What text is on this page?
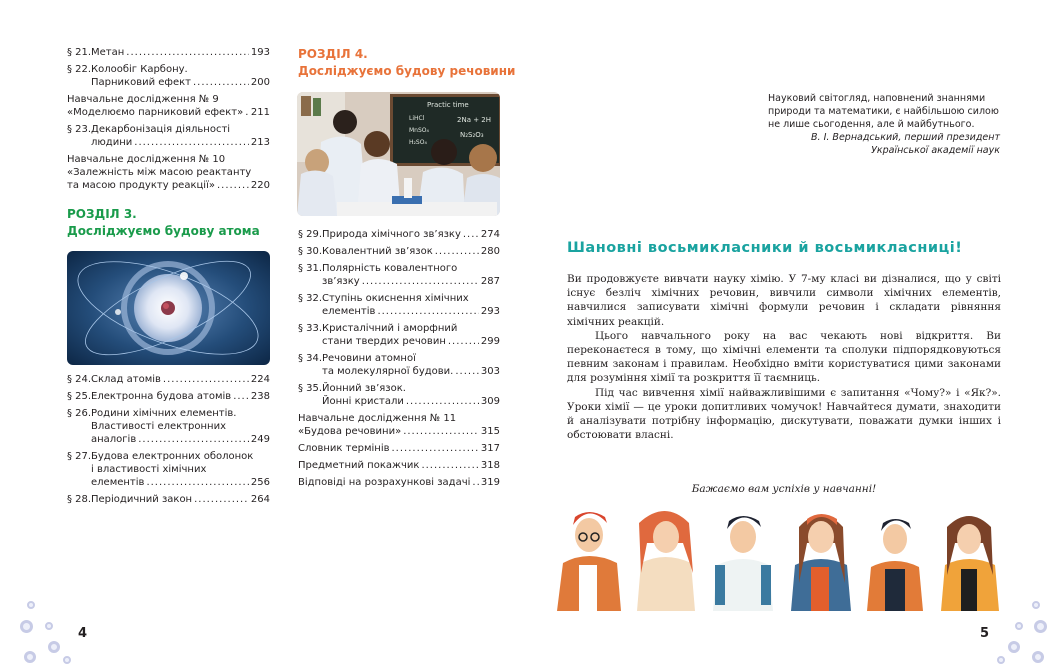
§ 21. Метан .....	193
§ 22. Колообіг Карбону.
Парниковий ефект .....	200
Навчальне дослідження № 9
«Моделюємо парниковий ефект» ..... 211
§ 23. Декарбонізація діяльності
людини .....	213
Навчальне дослідження № 10
«Залежність між масою реактанту
та масою продукту реакції» .....	220
РОЗДІЛ 3.
Досліджуємо будову атома
§ 24. Склад атомів .....	224
§ 25. Електронна будова атомів ..... 238
§ 26. Родини хімічних елементів.
Властивості електронних
аналогів .....	249
§ 27. Будова електронних оболонок
і властивості хімічних
елементів .....	256
§ 28. Періодичний закон .....	264
РОЗДІЛ 4.
Досліджуємо будову речовини
Practic time
2Na + 2H
N₂S₂O₃
LiHCl
MnSO₄
H₂SO₄
§ 29. Природа хімічного зв’язку ..... 274
§ 30. Ковалентний зв’язок .....	280
§ 31. Полярність ковалентного
зв’язку .....	287
§ 32. Ступінь окиснення хімічних
елементів .....	293
§ 33. Кристалічний і аморфний
стани твердих речовин .....	299
§ 34. Речовини атомної
та молекулярної будови. .....	303
§ 35. Йонний зв’язок.
Йонні кристали .....	309
Навчальне дослідження № 11
«Будова речовини» .....	315
Словник термінів .....	317
Предметний покажчик .....	318
Відповіді на розрахункові задачі ..... 319
4	5
Науковий світогляд, наповнений знаннями природи та математики, є найбільшою силою не лише сьогодення, але й майбутнього.
В. І. Вернадський, перший президент
Української академії наук
Шановні восьмикласники й восьмикласниці!

Ви продовжуєте вивчати науку хімію. У 7-му класі ви дізналися, що у світі існує безліч хімічних речовин, вивчили символи хімічних елементів, навчилися записувати хімічні формули речовин і складати рівняння хімічних реакцій.

Цього навчального року на вас чекають нові відкриття. Ви переконаєтеся в тому, що хімічні елементи та сполуки підпорядковуються певним законам і правилам. Необхідно вміти користуватися цими законами для розуміння хімії та розкриття її таємниць.

Під час вивчення хімії найважливішими є запитання «Чому?» і «Як?». Уроки хімії — це уроки допитливих чомучок! Навчайтеся думати, знаходити й аналізувати потрібну інформацію, дискутувати, поважати думки інших і обстоювати власні.

Бажаємо вам успіхів у навчанні!
